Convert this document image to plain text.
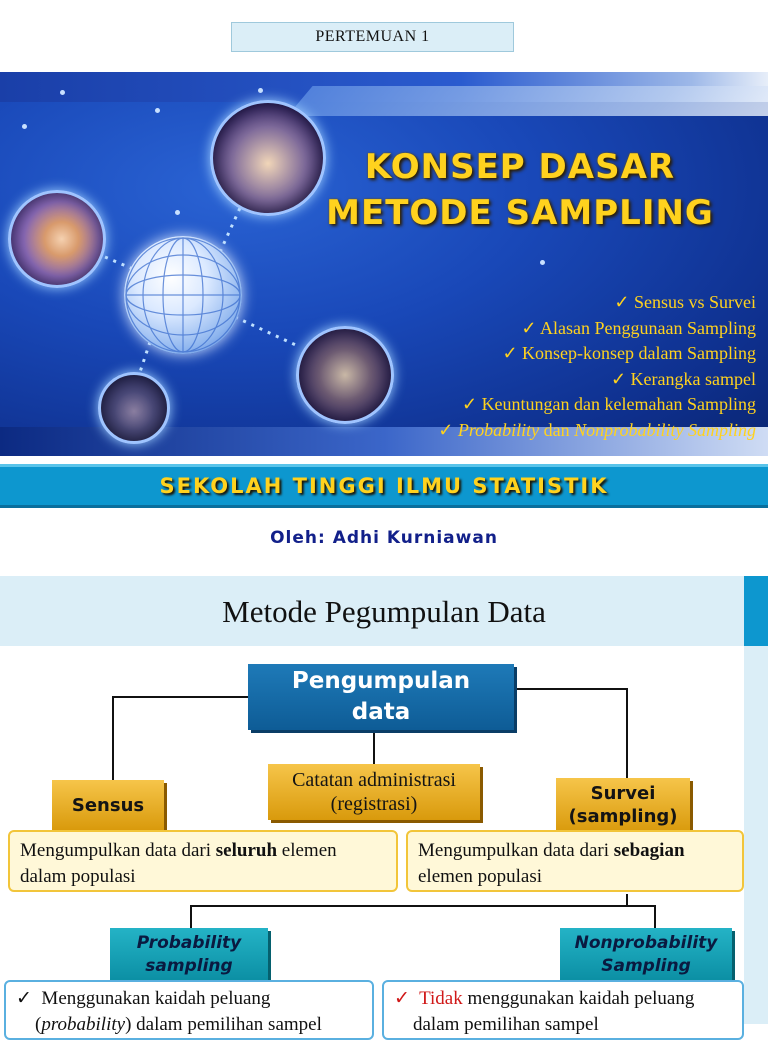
PERTEMUAN 1
KONSEP DASAR
METODE SAMPLING
✓ Sensus vs Survei
✓ Alasan Penggunaan Sampling
✓ Konsep-konsep dalam Sampling
✓ Kerangka sampel
✓ Keuntungan dan kelemahan Sampling
✓ Probability dan Nonprobability Sampling
SEKOLAH TINGGI ILMU STATISTIK
Oleh: Adhi Kurniawan
Metode Pegumpulan Data
Pengumpulan
data
Sensus
Catatan administrasi
(registrasi)	Survei
(sampling)
Mengumpulkan data dari seluruh elemen dalam populasi
Mengumpulkan data dari sebagian elemen populasi
Probability
sampling
Nonprobability
Sampling
✓ Menggunakan kaidah peluang
(probability) dalam pemilihan sampel
✓ Tidak menggunakan kaidah peluang
dalam pemilihan sampel
